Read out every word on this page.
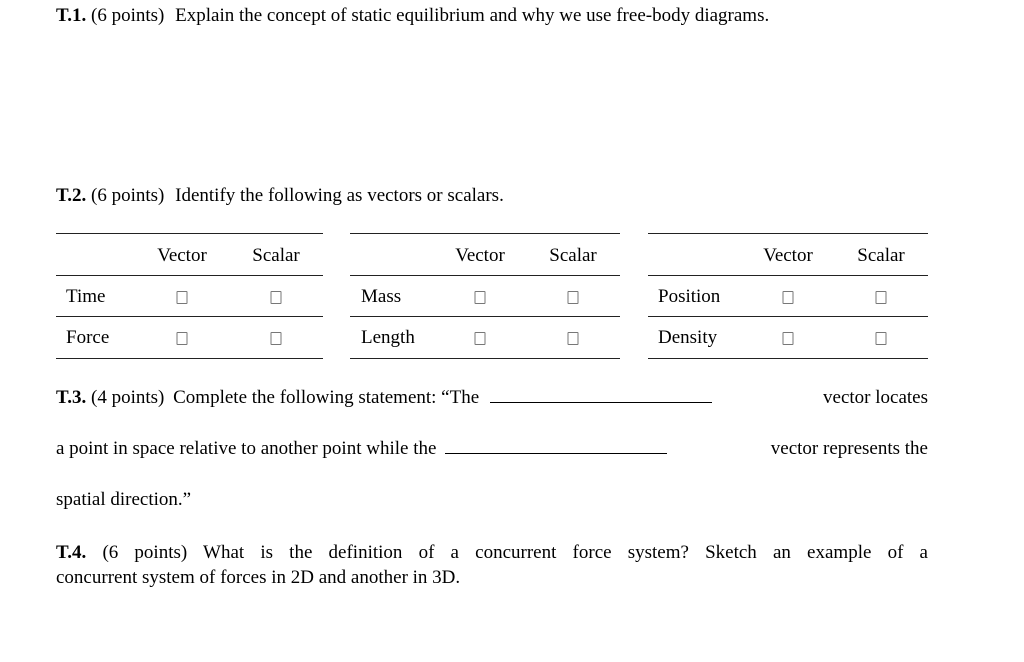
T.1. (6 points) Explain the concept of static equilibrium and why we use free-body diagrams.
T.2. (6 points) Identify the following as vectors or scalars.
Vector Scalar
Time
Force
Vector Scalar
Mass
Length
Vector Scalar
Position
Density
T.3. (4 points) Complete the following statement: “The	vector locates
a point in space relative to another point while the	vector represents the
spatial direction.”
T.4. (6 points) What is the definition of a concurrent force system? Sketch an example of a
concurrent system of forces in 2D and another in 3D.
